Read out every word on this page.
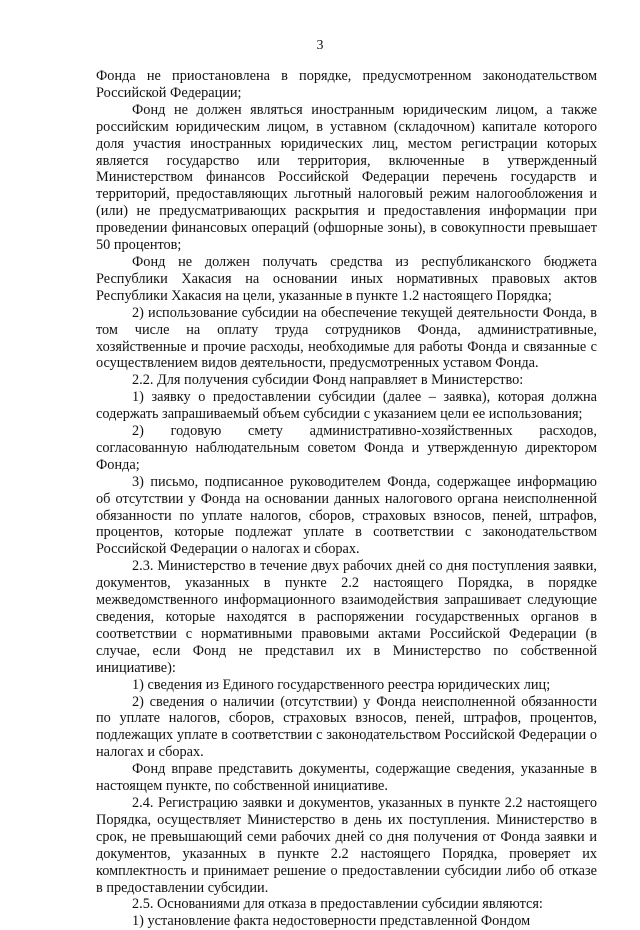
3

Фонда не приостановлена в порядке, предусмотренном законодательством Российской Федерации;

Фонд не должен являться иностранным юридическим лицом, а также российским юридическим лицом, в уставном (складочном) капитале которого доля участия иностранных юридических лиц, местом регистрации которых является государство или территория, включенные в утвержденный Министерством финансов Российской Федерации перечень государств и территорий, предоставляющих льготный налоговый режим налогообложения и (или) не предусматривающих раскрытия и предоставления информации при проведении финансовых операций (офшорные зоны), в совокупности превышает 50 процентов;

Фонд не должен получать средства из республиканского бюджета Республики Хакасия на основании иных нормативных правовых актов Республики Хакасия на цели, указанные в пункте 1.2 настоящего Порядка;

2) использование субсидии на обеспечение текущей деятельности Фонда, в том числе на оплату труда сотрудников Фонда, административные, хозяйственные и прочие расходы, необходимые для работы Фонда и связанные с осуществлением видов деятельности, предусмотренных уставом Фонда.

2.2. Для получения субсидии Фонд направляет в Министерство:

1) заявку о предоставлении субсидии (далее – заявка), которая должна содержать запрашиваемый объем субсидии с указанием цели ее использования;

2) годовую смету административно-хозяйственных расходов, согласованную наблюдательным советом Фонда и утвержденную директором Фонда;

3) письмо, подписанное руководителем Фонда, содержащее информацию об отсутствии у Фонда на основании данных налогового органа неисполненной обязанности по уплате налогов, сборов, страховых взносов, пеней, штрафов, процентов, которые подлежат уплате в соответствии с законодательством Российской Федерации о налогах и сборах.

2.3. Министерство в течение двух рабочих дней со дня поступления заявки, документов, указанных в пункте 2.2 настоящего Порядка, в порядке межведомственного информационного взаимодействия запрашивает следующие сведения, которые находятся в распоряжении государственных органов в соответствии с нормативными правовыми актами Российской Федерации (в случае, если Фонд не представил их в Министерство по собственной инициативе):

1) сведения из Единого государственного реестра юридических лиц;

2) сведения о наличии (отсутствии) у Фонда неисполненной обязанности по уплате налогов, сборов, страховых взносов, пеней, штрафов, процентов, подлежащих уплате в соответствии с законодательством Российской Федерации о налогах и сборах.

Фонд вправе представить документы, содержащие сведения, указанные в настоящем пункте, по собственной инициативе.

2.4. Регистрацию заявки и документов, указанных в пункте 2.2 настоящего Порядка, осуществляет Министерство в день их поступления. Министерство в срок, не превышающий семи рабочих дней со дня получения от Фонда заявки и документов, указанных в пункте 2.2 настоящего Порядка, проверяет их комплектность и принимает решение о предоставлении субсидии либо об отказе в предоставлении субсидии.

2.5. Основаниями для отказа в предоставлении субсидии являются:

1) установление факта недостоверности представленной Фондом
